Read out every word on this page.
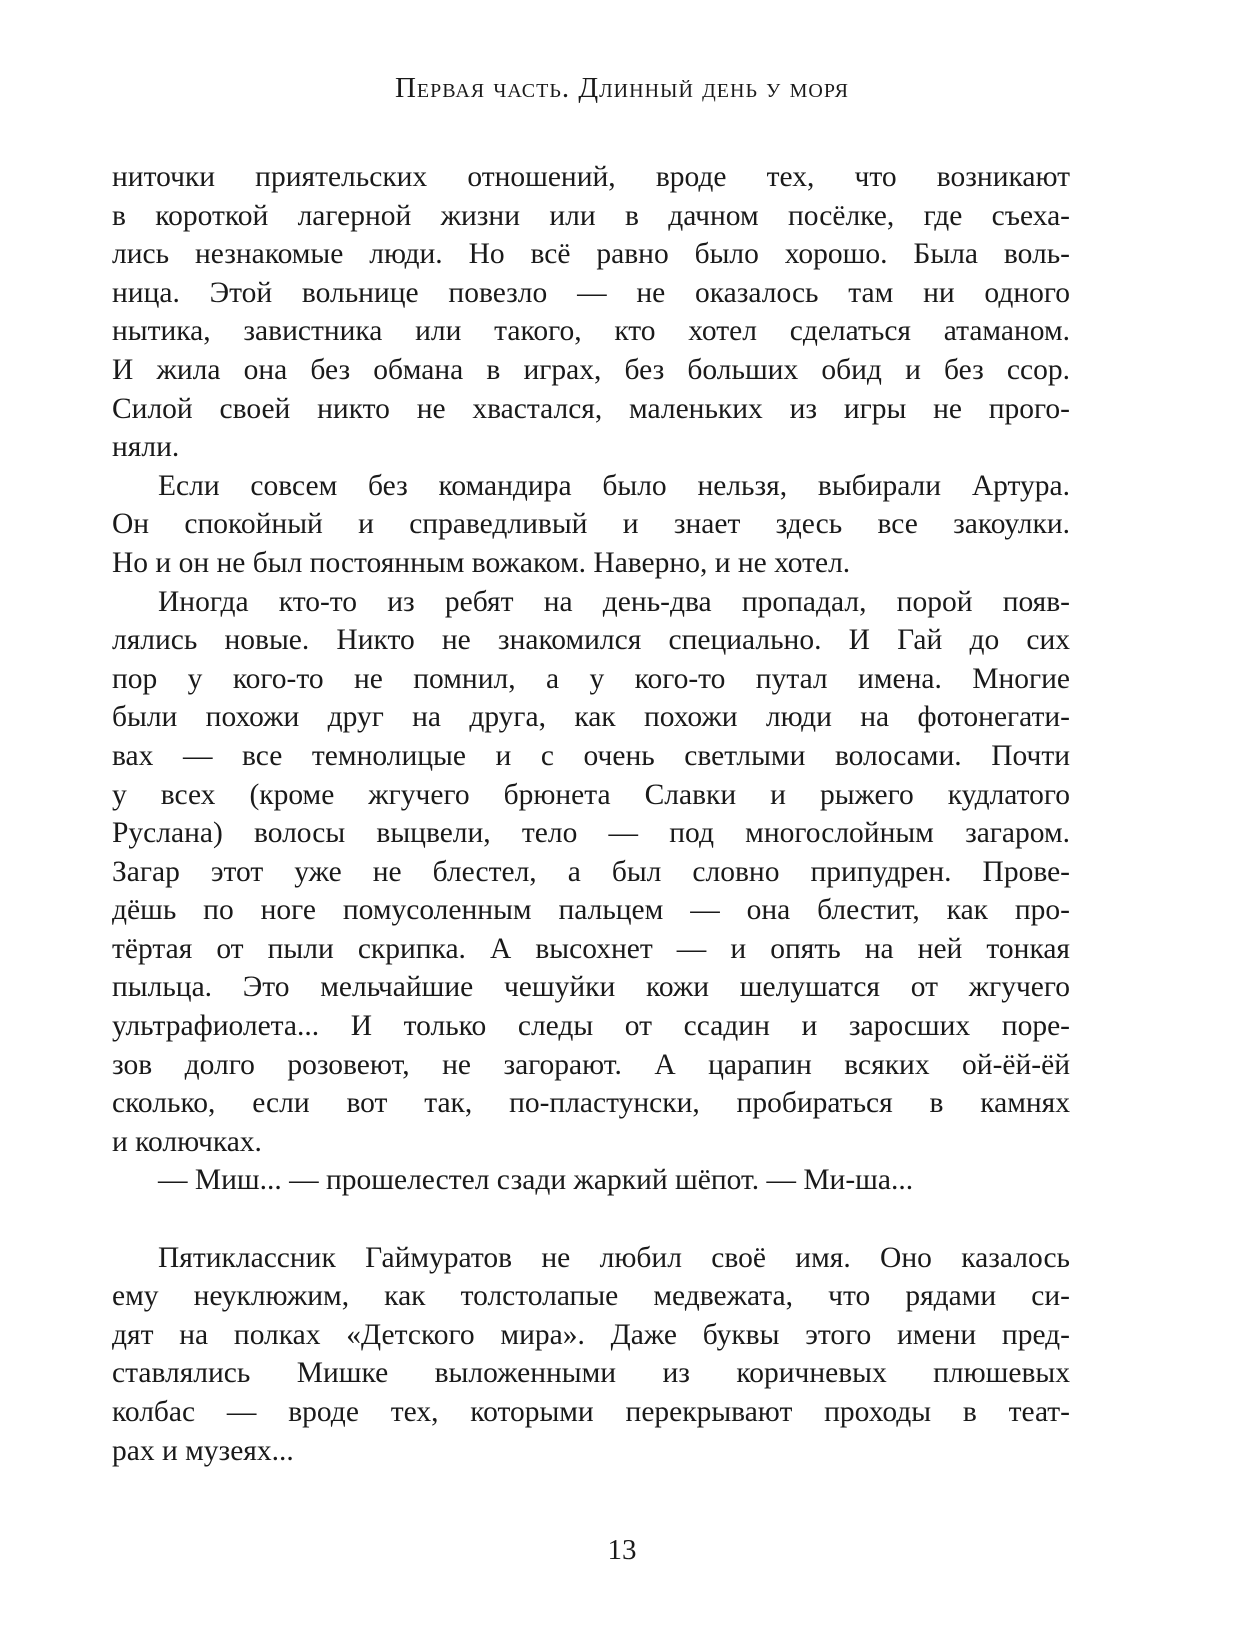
Первая часть. Длинный день у моря

ниточки приятельских отношений, вроде тех, что возникают
в короткой лагерной жизни или в дачном посёлке, где съеха-
лись незнакомые люди. Но всё равно было хорошо. Была воль-
ница. Этой вольнице повезло — не оказалось там ни одного
нытика, завистника или такого, кто хотел сделаться атаманом.
И жила она без обмана в играх, без больших обид и без ссор.
Силой своей никто не хвастался, маленьких из игры не прого-
няли.

Если совсем без командира было нельзя, выбирали Артура.
Он спокойный и справедливый и знает здесь все закоулки.
Но и он не был постоянным вожаком. Наверно, и не хотел.

Иногда кто-то из ребят на день-два пропадал, порой появ-
лялись новые. Никто не знакомился специально. И Гай до сих
пор у кого-то не помнил, а у кого-то путал имена. Многие
были похожи друг на друга, как похожи люди на фотонегати-
вах — все темнолицые и с очень светлыми волосами. Почти
у всех (кроме жгучего брюнета Славки и рыжего кудлатого
Руслана) волосы выцвели, тело — под многослойным загаром.
Загар этот уже не блестел, а был словно припудрен. Прове-
дёшь по ноге помусоленным пальцем — она блестит, как про-
тёртая от пыли скрипка. А высохнет — и опять на ней тонкая
пыльца. Это мельчайшие чешуйки кожи шелушатся от жгучего
ультрафиолета... И только следы от ссадин и заросших поре-
зов долго розовеют, не загорают. А царапин всяких ой-ёй-ёй
сколько, если вот так, по-пластунски, пробираться в камнях
и колючках.

— Миш... — прошелестел сзади жаркий шёпот. — Ми-ша...

Пятиклассник Гаймуратов не любил своё имя. Оно казалось
ему неуклюжим, как толстолапые медвежата, что рядами си-
дят на полках «Детского мира». Даже буквы этого имени пред-
ставлялись Мишке выложенными из коричневых плюшевых
колбас — вроде тех, которыми перекрывают проходы в теат-
рах и музеях...

13
